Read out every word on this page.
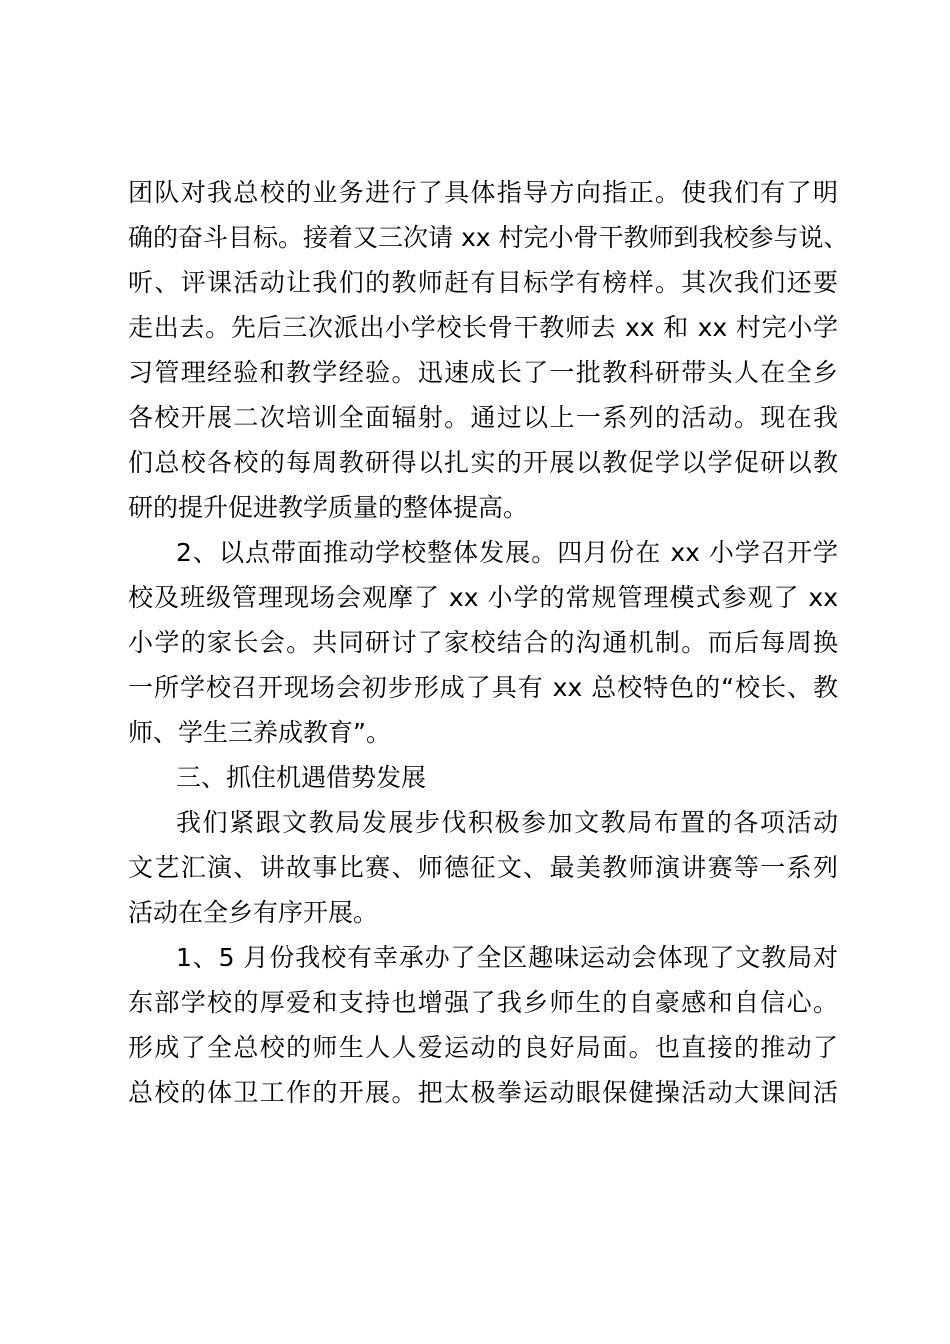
团队对我总校的业务进行了具体指导方向指正。使我们有了明
确的奋斗目标。接着又三次请 xx 村完小骨干教师到我校参与说、
听、评课活动让我们的教师赶有目标学有榜样。其次我们还要
走出去。先后三次派出小学校长骨干教师去 xx 和 xx 村完小学
习管理经验和教学经验。迅速成长了一批教科研带头人在全乡
各校开展二次培训全面辐射。通过以上一系列的活动。现在我
们总校各校的每周教研得以扎实的开展以教促学以学促研以教
研的提升促进教学质量的整体提高。
2、以点带面推动学校整体发展。四月份在 xx 小学召开学
校及班级管理现场会观摩了 xx 小学的常规管理模式参观了 xx
小学的家长会。共同研讨了家校结合的沟通机制。而后每周换
一所学校召开现场会初步形成了具有 xx 总校特色的“校长、教
师、学生三养成教育”。
三、抓住机遇借势发展
我们紧跟文教局发展步伐积极参加文教局布置的各项活动
文艺汇演、讲故事比赛、师德征文、最美教师演讲赛等一系列
活动在全乡有序开展。
1、5 月份我校有幸承办了全区趣味运动会体现了文教局对
东部学校的厚爱和支持也增强了我乡师生的自豪感和自信心。
形成了全总校的师生人人爱运动的良好局面。也直接的推动了
总校的体卫工作的开展。把太极拳运动眼保健操活动大课间活
